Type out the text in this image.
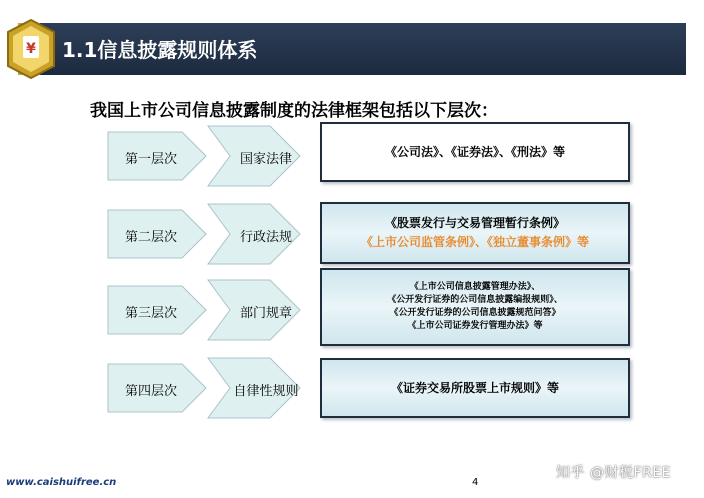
¥ 1.1信息披露规则体系
我国上市公司信息披露制度的法律框架包括以下层次：
第一层次	国家法律
《公司法》、《证券法》、《刑法》等
第二层次	行政法规
《股票发行与交易管理暂行条例》
《上市公司监管条例》、《独立董事条例》等
第三层次	部门规章
《上市公司信息披露管理办法》、
《公开发行证券的公司信息披露编报规则》、
《公开发行证券的公司信息披露规范问答》
《上市公司证券发行管理办法》等
第四层次	自律性规则	《证券交易所股票上市规则》等
www.caishuifree.cn	4
知乎 @财税FREE
